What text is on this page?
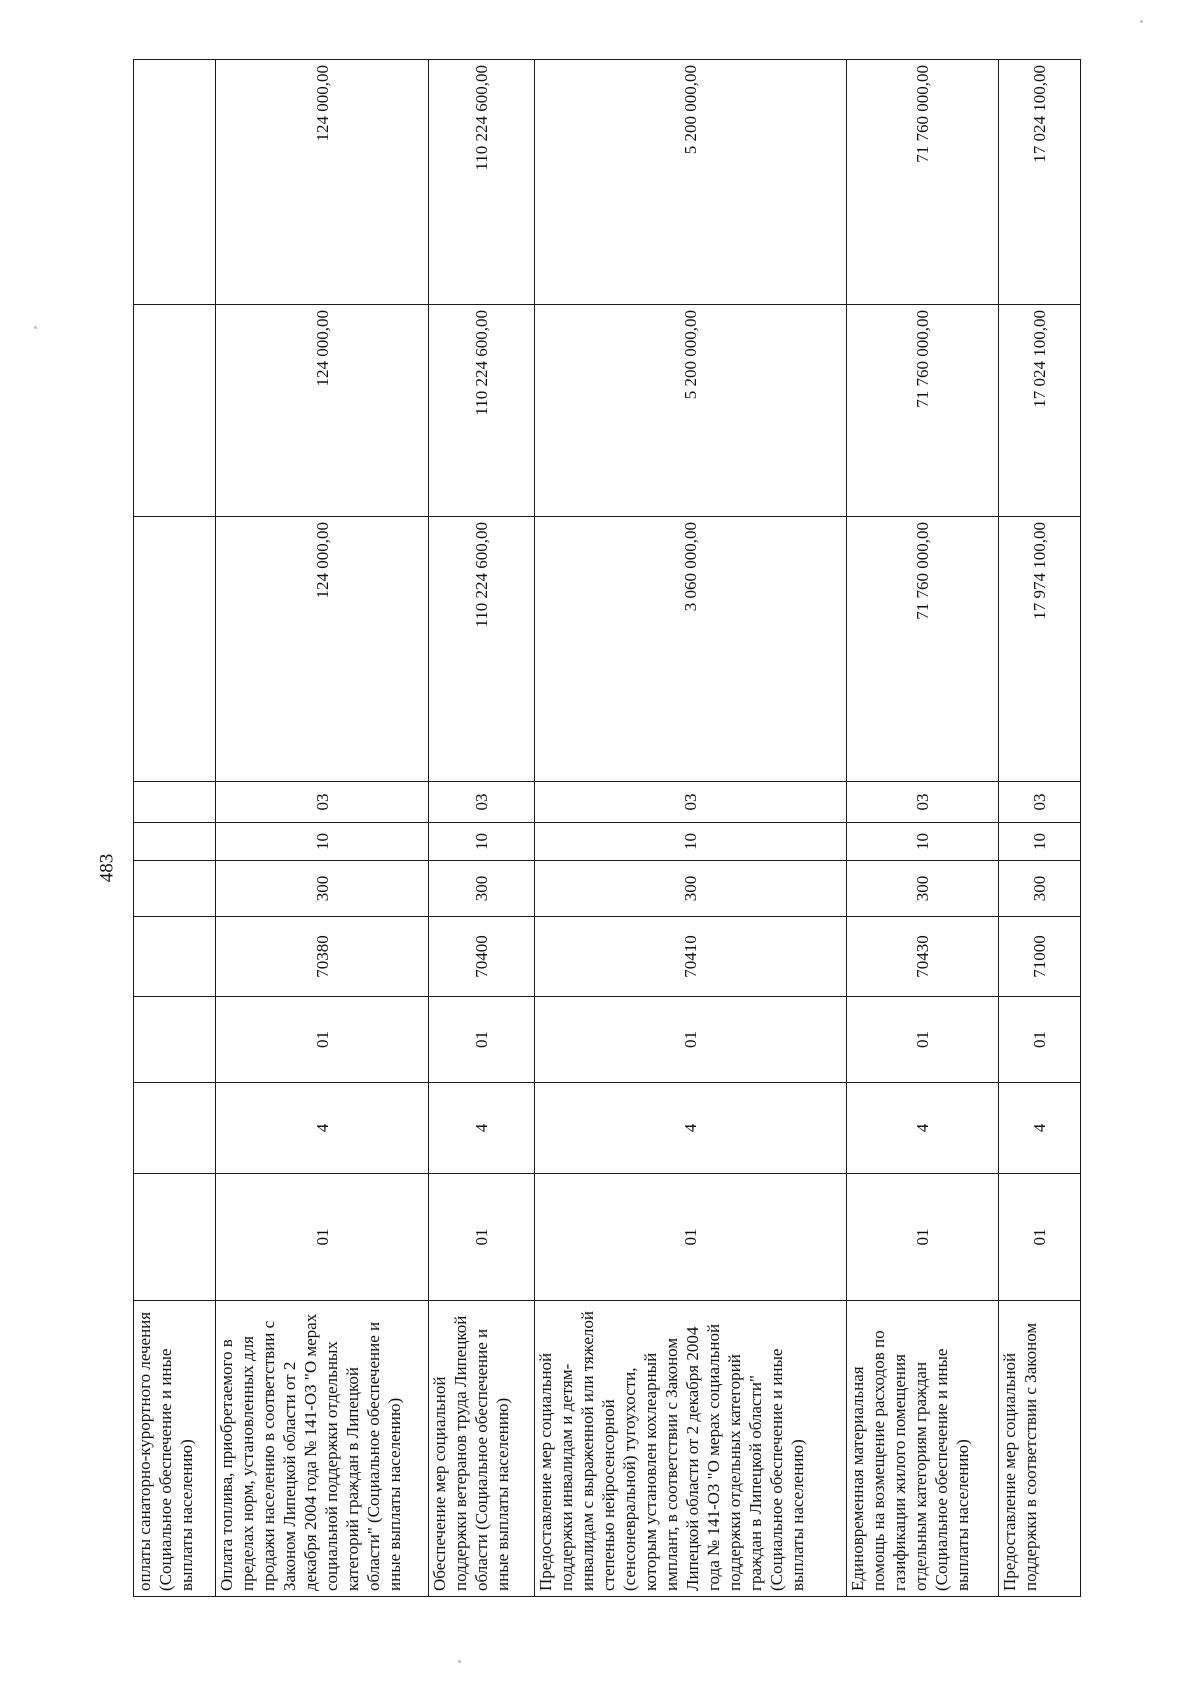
483
оплаты санаторно-курортного лечения (Социальное обеспечение и иные выплаты населению)										
Оплата топлива, приобретаемого в пределах норм, установленных для продажи населению в соответствии с Законом Липецкой области от 2 декабря 2004 года № 141-ОЗ "О мерах социальной поддержки отдельных категорий граждан в Липецкой области" (Социальное обеспечение и иные выплаты населению)	01	4	01	70380	300	10	03	124 000,00	124 000,00	124 000,00
Обеспечение мер социальной поддержки ветеранов труда Липецкой области (Социальное обеспечение и иные выплаты населению)	01	4	01	70400	300	10	03	110 224 600,00	110 224 600,00	110 224 600,00
Предоставление мер социальной поддержки инвалидам и детям-инвалидам с выраженной или тяжелой степенью нейросенсорной (сенсоневральной) тугоухости, которым установлен кохлеарный имплант, в соответствии с Законом Липецкой области от 2 декабря 2004 года № 141-ОЗ "О мерах социальной поддержки отдельных категорий граждан в Липецкой области" (Социальное обеспечение и иные выплаты населению)	01	4	01	70410	300	10	03	3 060 000,00	5 200 000,00	5 200 000,00
Единовременная материальная помощь на возмещение расходов по газификации жилого помещения отдельным категориям граждан (Социальное обеспечение и иные выплаты населению)	01	4	01	70430	300	10	03	71 760 000,00	71 760 000,00	71 760 000,00
Предоставление мер социальной поддержки в соответствии с Законом	01	4	01	71000	300	10	03	17 974 100,00	17 024 100,00	17 024 100,00
